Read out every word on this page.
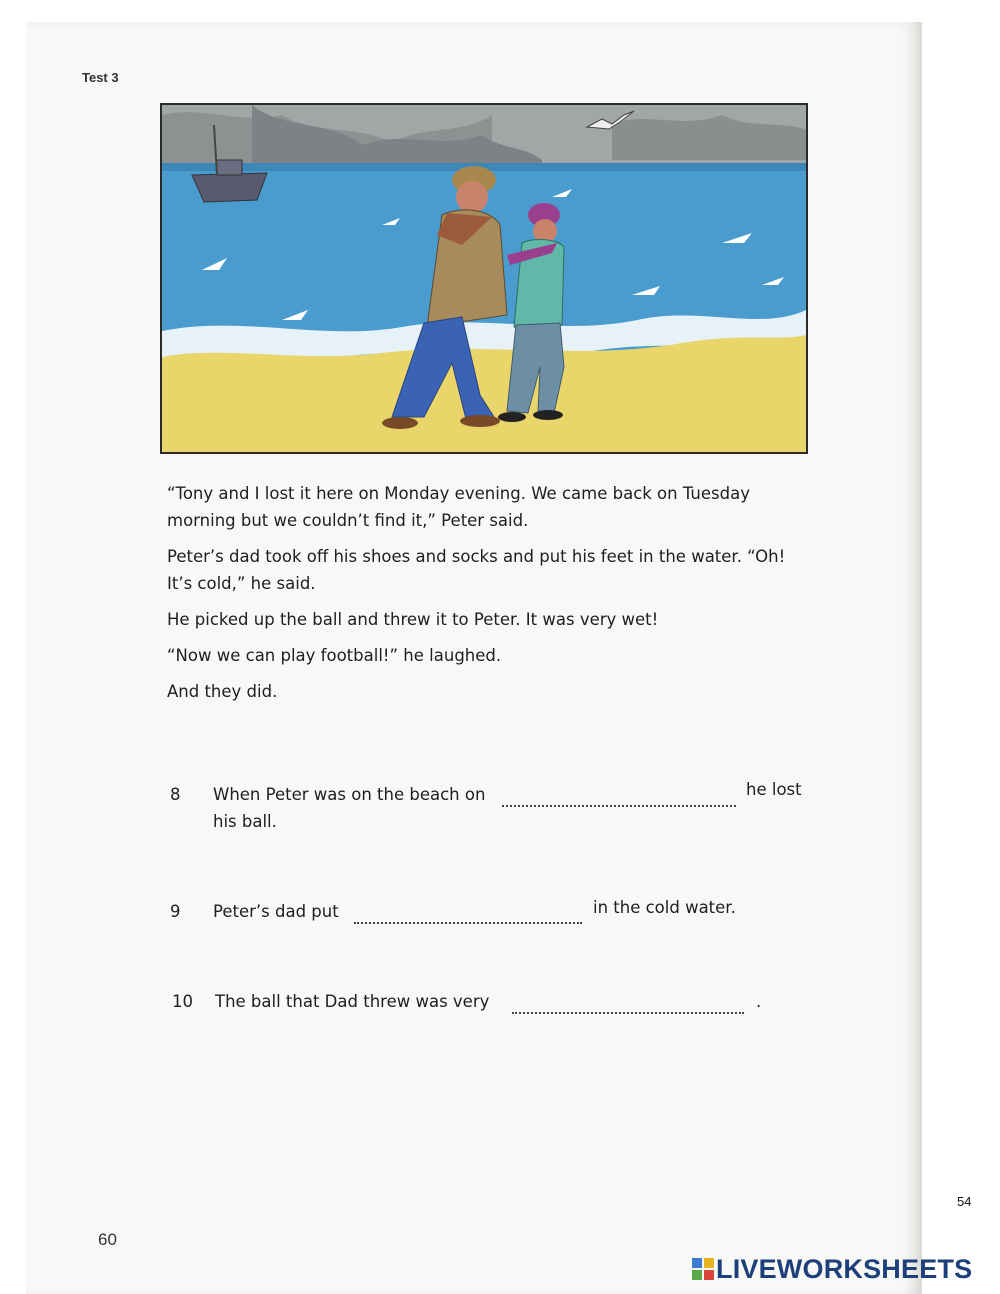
Test 3

“Tony and I lost it here on Monday evening. We came back on Tuesday morning but we couldn’t find it,” Peter said.

Peter’s dad took off his shoes and socks and put his feet in the water. “Oh! It’s cold,” he said.

He picked up the ball and threw it to Peter. It was very wet!

“Now we can play football!” he laughed.

And they did.

8 When Peter was on the beach on	he lost
his ball.
9 Peter’s dad put	in the cold water.
10 The ball that Dad threw was very	.
54
60
LIVEWORKSHEETS
